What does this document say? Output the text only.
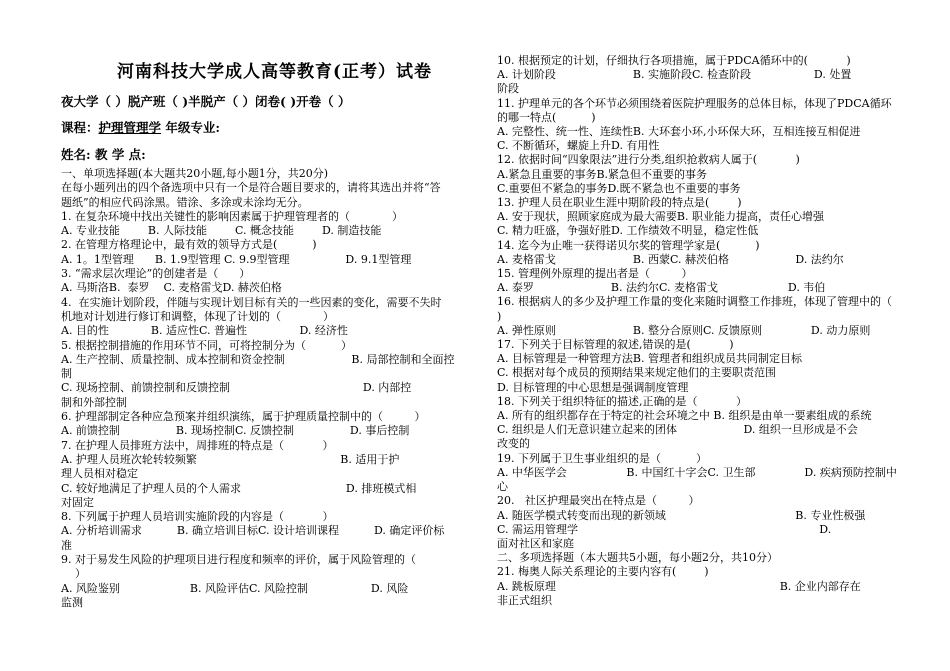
河南科技大学成人高等教育(正考）试卷
夜大学（ ）脱产班（ )半脱产（ ）闭卷( )开卷（ ）
课程：护理管理学 年级专业:
姓名: 教 学 点:
一、单项选择题(本大题共20小题,每小题1分，共20分)
在每小题列出的四个备选项中只有一个是符合题目要求的，请将其选出并将“答
题纸”的相应代码涂黑。错涂、多涂或未涂均无分。
1. 在复杂环境中找出关键性的影响因素属于护理管理者的（            ）
A. 专业技能        B. 人际技能        C. 概念技能        D. 制造技能
2. 在管理方格理论中，最有效的领导方式是(          )
A. 1。1型管理      B. 1.9型管理 C. 9.9型管理                D. 9.1型管理
3. “需求层次理论”的创建者是（      ）
A. 马斯洛B.  泰罗    C. 麦格雷戈D. 赫茨伯格
4.  在实施计划阶段，伴随与实现计划目标有关的一些因素的变化，需要不失时
机地对计划进行修订和调整，体现了计划的（            ）
A. 目的性            B. 适应性C. 普遍性               D. 经济性
5. 根据控制措施的作用环节不同，可将控制分为（          ）
A. 生产控制、质量控制、成本控制和资金控制                   B. 局部控制和全面控
制
C. 现场控制、前馈控制和反馈控制                                      D. 内部控
制和外部控制
6. 护理部制定各种应急预案并组织演练，属于护理质量控制中的（         ）
A. 前馈控制                B. 现场控制C. 反馈控制                D. 事后控制
7. 在护理人员排班方法中，周排班的特点是（           ）
A. 护理人员班次轮转较频繁                                         B. 适用于护
理人员相对稳定
C. 较好地满足了护理人员的个人需求                              D. 排班模式相
对固定
8. 下列属于护理人员培训实施阶段的内容是（           ）
A. 分析培训需求          B. 确立培训目标C. 设计培训课程          D. 确定评价标
准
9. 对于易发生风险的护理项目进行程度和频率的评价，属于风险管理的（
）
A. 风险鉴别                    B. 风险评估C. 风险控制                  D. 风险
监测
10. 根据预定的计划，仔细执行各项措施，属于PDCA循环中的(           )
A. 计划阶段                      B. 实施阶段C. 检查阶段                  D. 处置
阶段
11. 护理单元的各个环节必须围绕着医院护理服务的总体目标，体现了PDCA循环
的哪一特点(          )
A. 完整性、统一性、连续性B. 大环套小环,小环保大环，互相连接互相促进
C. 不断循环，螺旋上升D. 有用性
12. 依据时间“四象限法”进行分类,组织抢救病人属于(           )
A.紧急且重要的事务B.紧急但不重要的事务
C.重要但不紧急的事务D.既不紧急也不重要的事务
13. 护理人员在职业生涯中期阶段的特点是(        )
A. 安于现状，照顾家庭成为最大需要B. 职业能力提高，责任心增强
C. 精力旺盛，争强好胜D. 工作绩效不明显，稳定性低
14. 迄今为止唯一获得诺贝尔奖的管理学家是(          )
A. 麦格雷戈                      B. 西蒙C. 赫茨伯格                   D. 法约尔
15. 管理例外原理的提出者是（         ）
A. 泰罗                      B. 法约尔C. 麦格雷戈                    D. 韦伯
16. 根据病人的多少及护理工作量的变化来随时调整工作排班，体现了管理中的（
)
A. 弹性原则                      B. 整分合原则C. 反馈原则              D. 动力原则
17. 下列关于目标管理的叙述,错误的是(           )
A. 目标管理是一种管理方法B. 管理者和组织成员共同制定目标
C. 根据对每个成员的预期结果来规定他们的主要职责范围
D. 目标管理的中心思想是强调制度管理
18. 下列关于组织特征的描述,正确的是（           ）
A. 所有的组织都存在于特定的社会环境之中 B. 组织是由单一要素组成的系统
C. 组织是人们无意识建立起来的团体                   D. 组织一旦形成是不会
改变的
19. 下列属于卫生事业组织的是（          ）
A. 中华医学会                 B. 中国红十字会C. 卫生部              D. 疾病预防控制中
心
20.   社区护理最突出在特点是（         ）
A. 随医学模式转变而出现的新领域                                     B. 专业性极强
C. 需运用管理学                                                                     D.
面对社区和家庭
二、多项选择题（本大题共5小题，每小题2分，共10分）
21. 梅奥人际关系理论的主要内容有(        )
A. 跳板原理                                                                B. 企业内部存在
非正式组织
